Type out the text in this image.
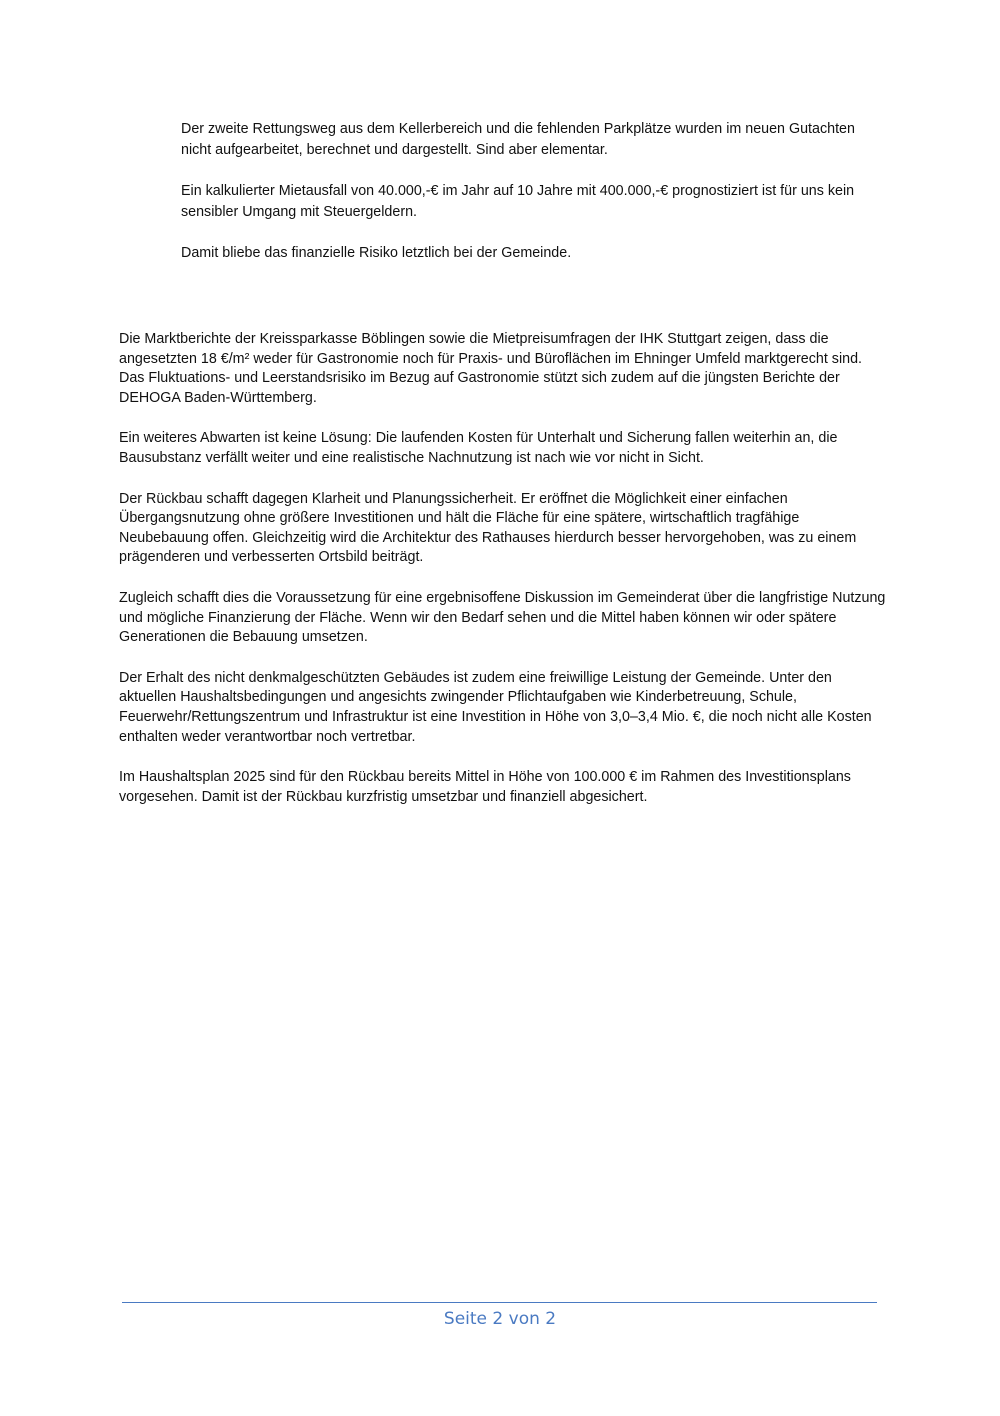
Der zweite Rettungsweg aus dem Kellerbereich und die fehlenden Parkplätze wurden im neuen Gutachten nicht aufgearbeitet, berechnet und dargestellt. Sind aber elementar.

Ein kalkulierter Mietausfall von 40.000,-€ im Jahr auf 10 Jahre mit 400.000,-€ prognostiziert ist für uns kein sensibler Umgang mit Steuergeldern.

Damit bliebe das finanzielle Risiko letztlich bei der Gemeinde.

Die Marktberichte der Kreissparkasse Böblingen sowie die Mietpreisumfragen der IHK Stuttgart zeigen, dass die angesetzten 18 €/m² weder für Gastronomie noch für Praxis- und Büroflächen im Ehninger Umfeld marktgerecht sind. Das Fluktuations- und Leerstandsrisiko im Bezug auf Gastronomie stützt sich zudem auf die jüngsten Berichte der DEHOGA Baden-Württemberg.

Ein weiteres Abwarten ist keine Lösung: Die laufenden Kosten für Unterhalt und Sicherung fallen weiterhin an, die Bausubstanz verfällt weiter und eine realistische Nachnutzung ist nach wie vor nicht in Sicht.

Der Rückbau schafft dagegen Klarheit und Planungssicherheit. Er eröffnet die Möglichkeit einer einfachen Übergangsnutzung ohne größere Investitionen und hält die Fläche für eine spätere, wirtschaftlich tragfähige Neubebauung offen. Gleichzeitig wird die Architektur des Rathauses hierdurch besser hervorgehoben, was zu einem prägenderen und verbesserten Ortsbild beiträgt.

Zugleich schafft dies die Voraussetzung für eine ergebnisoffene Diskussion im Gemeinderat über die langfristige Nutzung und mögliche Finanzierung der Fläche. Wenn wir den Bedarf sehen und die Mittel haben können wir oder spätere Generationen die Bebauung umsetzen.

Der Erhalt des nicht denkmalgeschützten Gebäudes ist zudem eine freiwillige Leistung der Gemeinde. Unter den aktuellen Haushaltsbedingungen und angesichts zwingender Pflichtaufgaben wie Kinderbetreuung, Schule, Feuerwehr/Rettungszentrum und Infrastruktur ist eine Investition in Höhe von 3,0–3,4 Mio. €, die noch nicht alle Kosten enthalten weder verantwortbar noch vertretbar.

Im Haushaltsplan 2025 sind für den Rückbau bereits Mittel in Höhe von 100.000 € im Rahmen des Investitionsplans vorgesehen. Damit ist der Rückbau kurzfristig umsetzbar und finanziell abgesichert.

Seite 2 von 2
